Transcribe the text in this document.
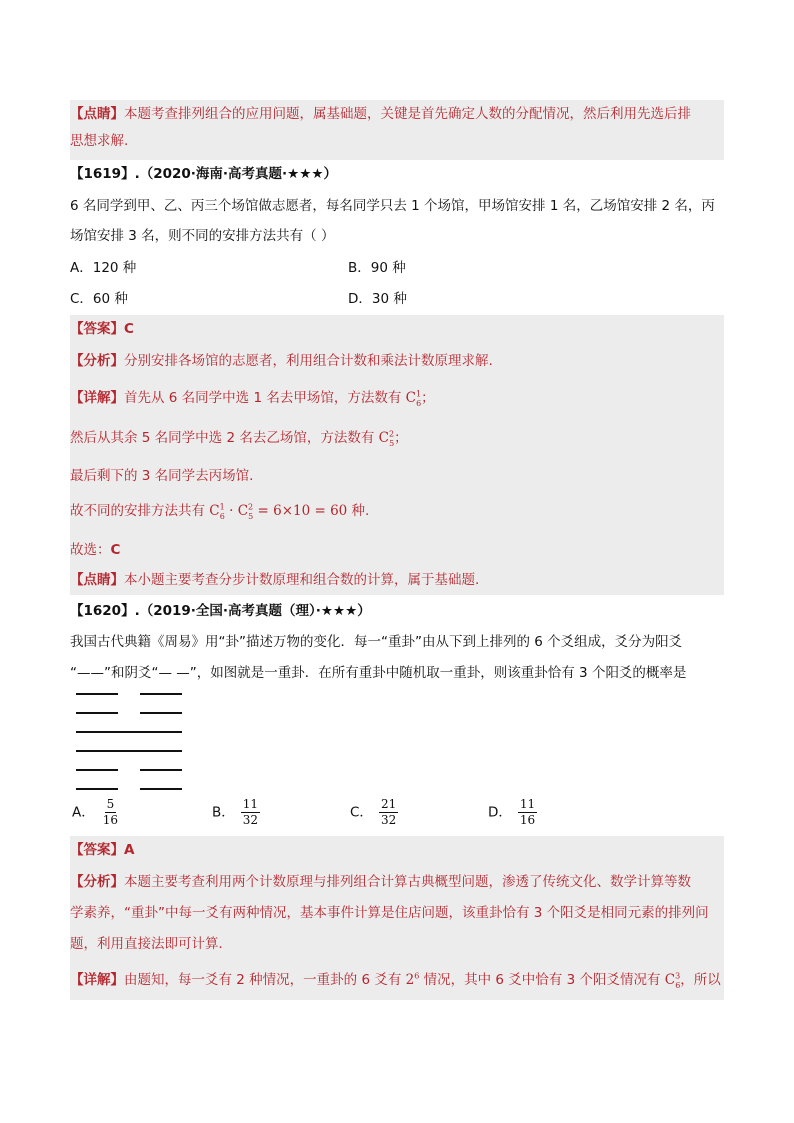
【点睛】本题考查排列组合的应用问题，属基础题，关键是首先确定人数的分配情况，然后利用先选后排
思想求解.
【1619】.（2020·海南·高考真题·★★★）
6 名同学到甲、乙、丙三个场馆做志愿者，每名同学只去 1 个场馆，甲场馆安排 1 名，乙场馆安排 2 名，丙
场馆安排 3 名，则不同的安排方法共有（ ）
A．120 种	B．90 种
C．60 种	D．30 种
【答案】C
【分析】分别安排各场馆的志愿者，利用组合计数和乘法计数原理求解.
【详解】首先从 6 名同学中选 1 名去甲场馆，方法数有 $C^1_6$；
然后从其余 5 名同学中选 2 名去乙场馆，方法数有 $C^2_5$；
最后剩下的 3 名同学去丙场馆.
故不同的安排方法共有 $C^1_6 \cdot C^2_5 = 6\times 10 = 60$ 种.
故选：C
【点睛】本小题主要考查分步计数原理和组合数的计算，属于基础题.
【1620】.（2019·全国·高考真题（理）·★★★）
我国古代典籍《周易》用“卦”描述万物的变化．每一“重卦”由从下到上排列的 6 个爻组成，爻分为阳爻
“——”和阴爻“— —”，如图就是一重卦．在所有重卦中随机取一重卦，则该重卦恰有 3 个阳爻的概率是
A． $\frac{5}{16}$	B． $\frac{11}{32}$	C． $\frac{21}{32}$	D． $\frac{11}{16}$
【答案】A
【分析】本题主要考查利用两个计数原理与排列组合计算古典概型问题，渗透了传统文化、数学计算等数
学素养，“重卦”中每一爻有两种情况，基本事件计算是住店问题，该重卦恰有 3 个阳爻是相同元素的排列问
题，利用直接法即可计算．
【详解】由题知，每一爻有 2 种情况，一重卦的 6 爻有 $2^6$ 情况，其中 6 爻中恰有 3 个阳爻情况有 $C^3_6$，所以
